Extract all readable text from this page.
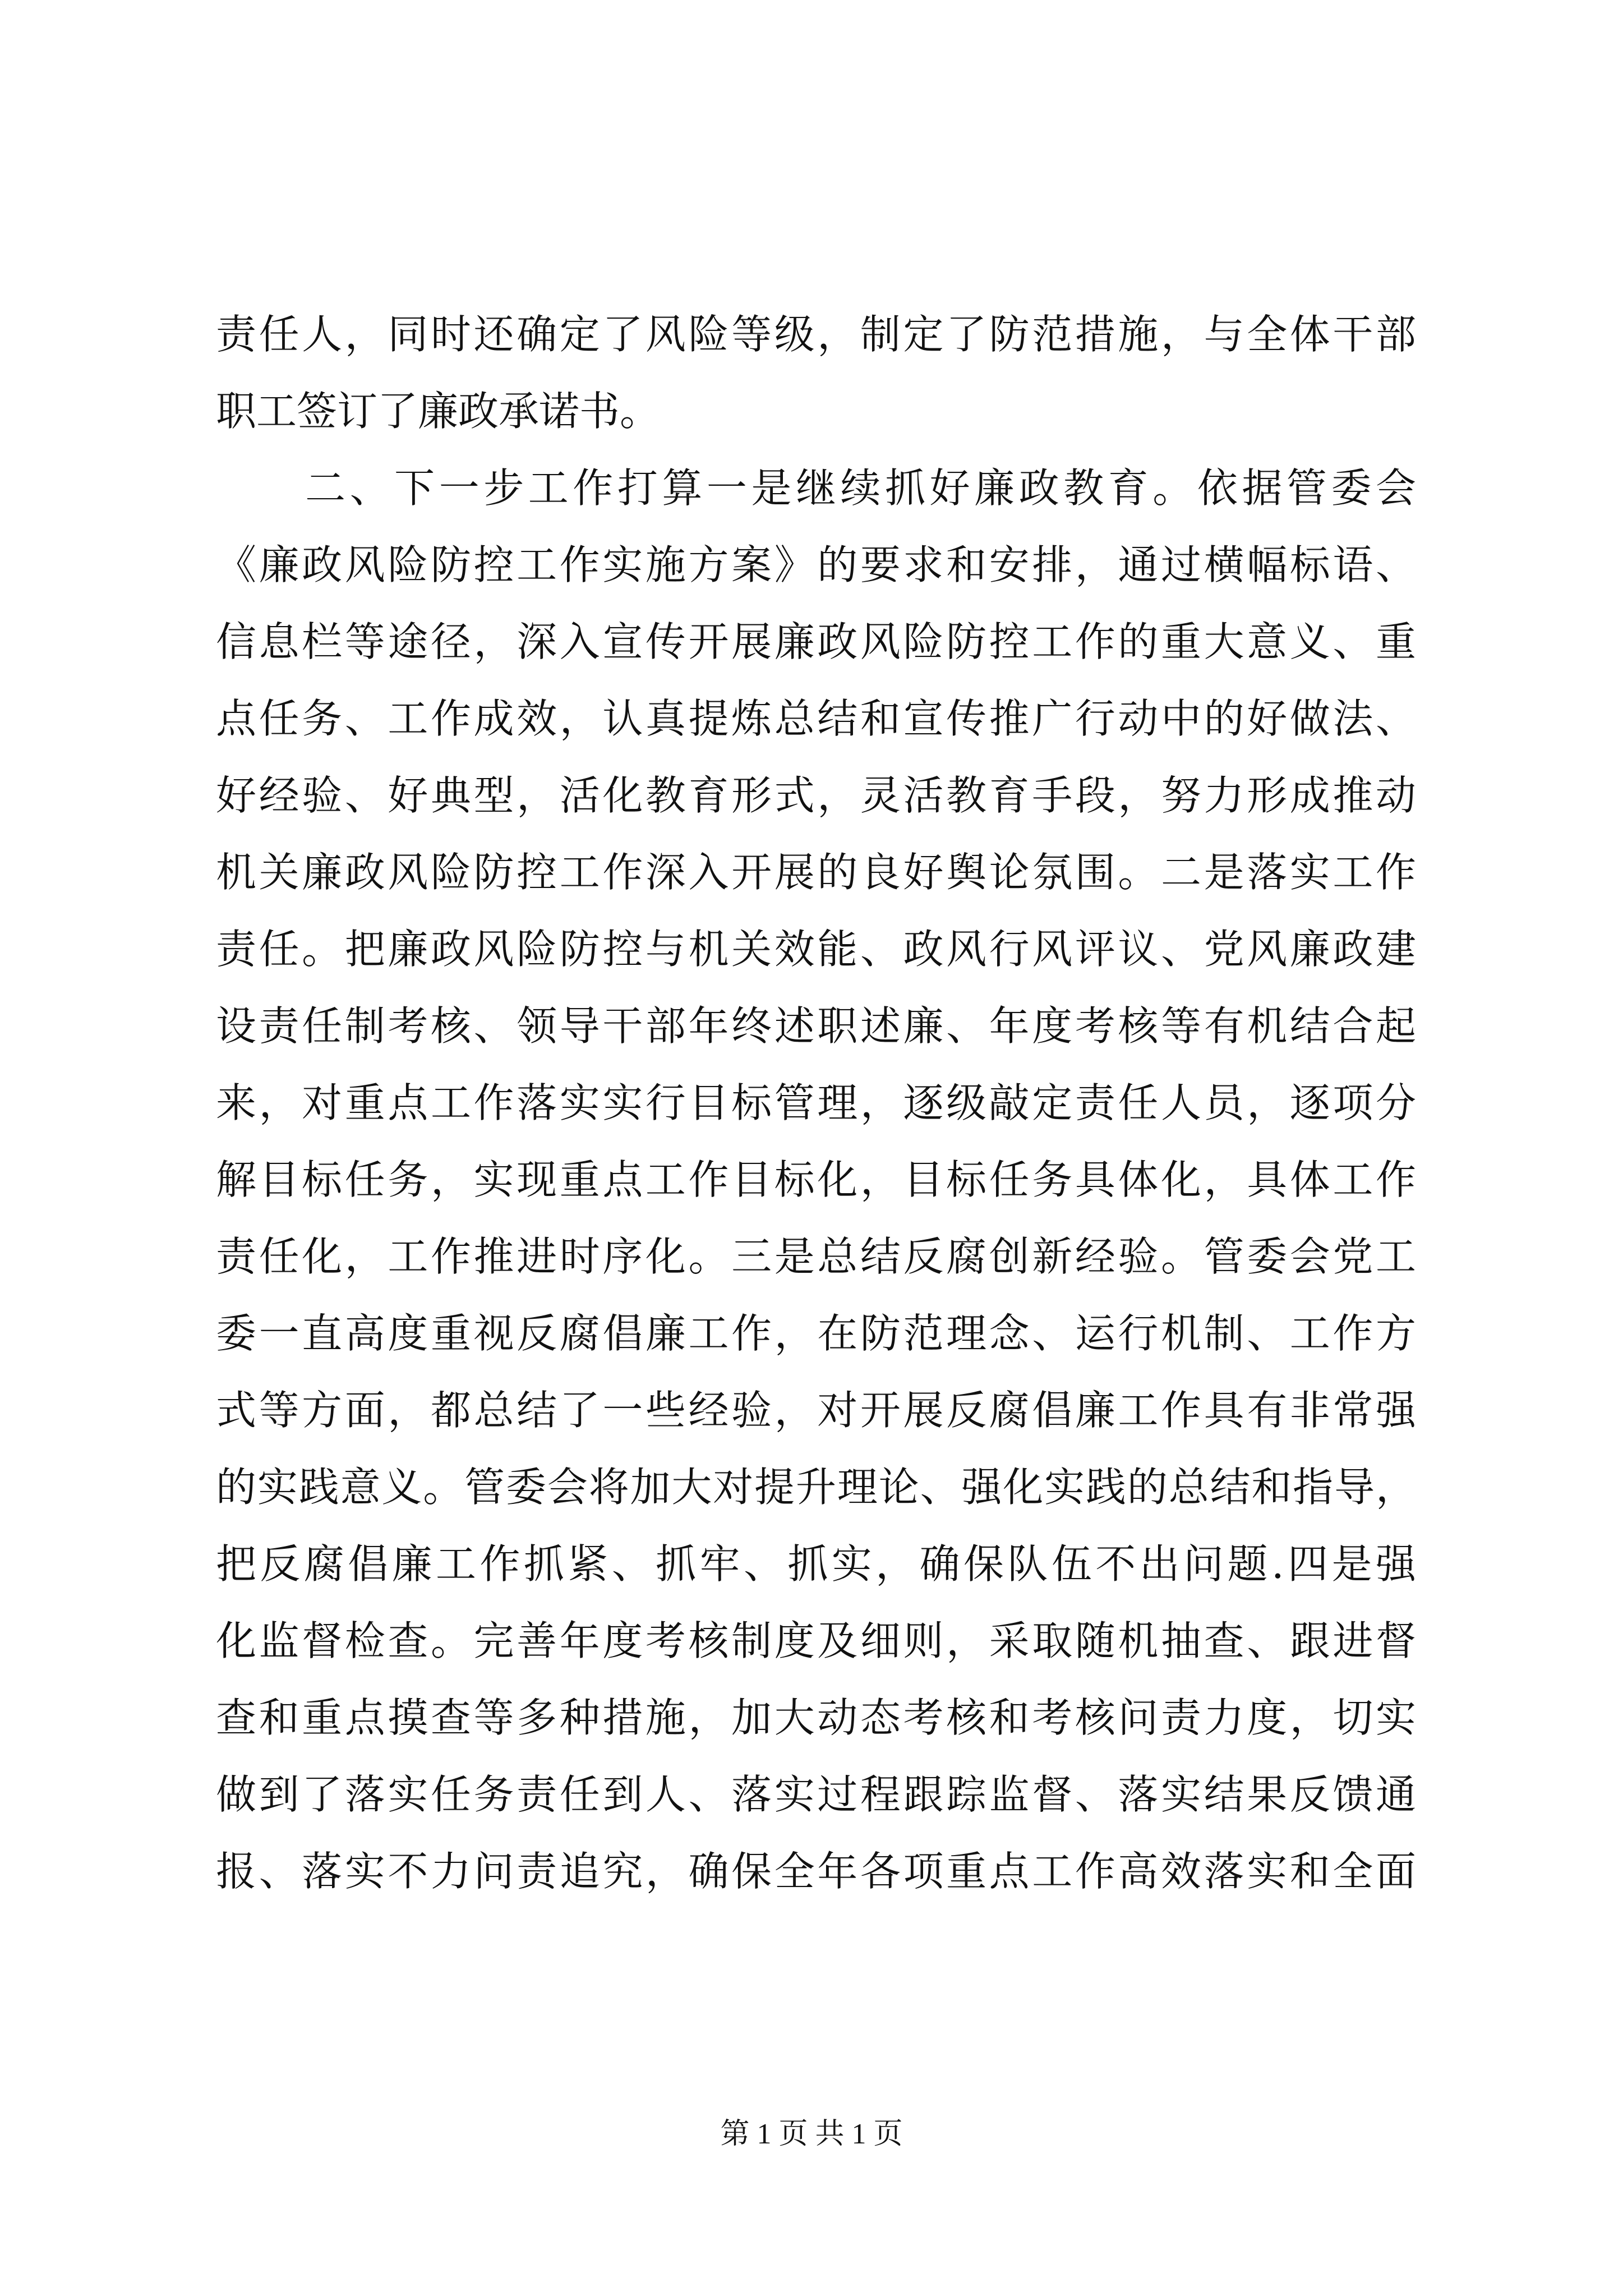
责任人，同时还确定了风险等级，制定了防范措施，与全体干部
职工签订了廉政承诺书。
　　二、下一步工作打算一是继续抓好廉政教育。依据管委会
《廉政风险防控工作实施方案》的要求和安排，通过横幅标语、
信息栏等途径，深入宣传开展廉政风险防控工作的重大意义、重
点任务、工作成效，认真提炼总结和宣传推广行动中的好做法、
好经验、好典型，活化教育形式，灵活教育手段，努力形成推动
机关廉政风险防控工作深入开展的良好舆论氛围。二是落实工作
责任。把廉政风险防控与机关效能、政风行风评议、党风廉政建
设责任制考核、领导干部年终述职述廉、年度考核等有机结合起
来，对重点工作落实实行目标管理，逐级敲定责任人员，逐项分
解目标任务，实现重点工作目标化，目标任务具体化，具体工作
责任化，工作推进时序化。三是总结反腐创新经验。管委会党工
委一直高度重视反腐倡廉工作，在防范理念、运行机制、工作方
式等方面，都总结了一些经验，对开展反腐倡廉工作具有非常强
的实践意义。管委会将加大对提升理论、强化实践的总结和指导，
把反腐倡廉工作抓紧、抓牢、抓实，确保队伍不出问题.四是强
化监督检查。完善年度考核制度及细则，采取随机抽查、跟进督
查和重点摸查等多种措施，加大动态考核和考核问责力度，切实
做到了落实任务责任到人、落实过程跟踪监督、落实结果反馈通
报、落实不力问责追究，确保全年各项重点工作高效落实和全面
第 1 页 共 1 页
